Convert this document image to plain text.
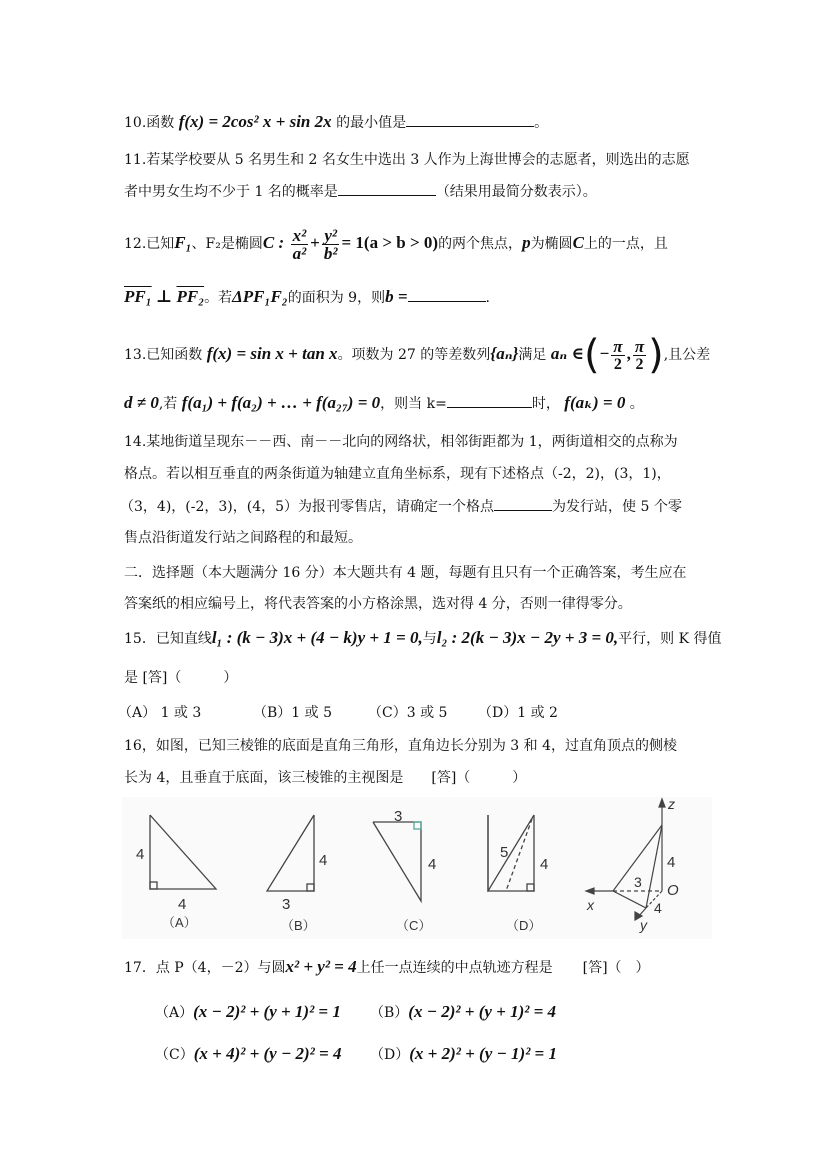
10.函数 f(x) = 2cos² x + sin 2x 的最小值是	。
11.若某学校要从 5 名男生和 2 名女生中选出 3 人作为上海世博会的志愿者，则选出的志愿
者中男女生均不少于 1 名的概率是	（结果用最简分数表示）。
12.已知F₁、F₂是椭圆C : $\frac{\text{x²}}{\text{a²}} + \frac{\text{y²}}{\text{b²}} = 1(a > b > 0)$的两个焦点，p为椭圆C上的一点，且
PF₁ ⊥ PF₂。若ΔPF₁F₂的面积为 9，则b =	.
13.已知函数 f(x) = sin x + tan x。项数为 27 的等差数列{aₙ}满足 aₙ ∈(− $\frac{\pi}{2}$ , $\frac{\pi}{2}$ ),且公差
d ≠ 0,若 f(a₁) + f(a₂) + … + f(a₂₇) = 0，则当 k=	时， f(aₖ) = 0 。
14.某地街道呈现东－－西、南－－北向的网络状，相邻街距都为 1，两街道相交的点称为
格点。若以相互垂直的两条街道为轴建立直角坐标系，现有下述格点（-2，2)，(3，1)，
（3，4)，(-2，3)，(4，5）为报刊零售店，请确定一个格点	为发行站，使 5 个零
售点沿街道发行站之间路程的和最短。
二．选择题（本大题满分 16 分）本大题共有 4 题，每题有且只有一个正确答案，考生应在
答案纸的相应编号上，将代表答案的小方格涂黑，选对得 4 分，否则一律得零分。
15．已知直线l₁ : (k − 3)x + (4 − k)y + 1 = 0,与l₂ : 2(k − 3)x − 2y + 3 = 0,平行，则 K 得值
是 [答]（　　　）
（A） 1 或 3	（B）1 或 5	（C）3 或 5 （D）1 或 2
16，如图，已知三棱锥的底面是直角三角形，直角边长分别为 3 和 4，过直角顶点的侧棱
长为 4，且垂直于底面，该三棱锥的主视图是　　[答]（　　　）
4
4
（A）
4
3
（B）
3
4
（C）
5
4
（D）
z
x
y
O
4
3
4
17．点 P（4，－2）与圆x² + y² = 4上任一点连续的中点轨迹方程是 [答]（　）
（A）(x − 2)² + (y + 1)² = 1 （B）(x − 2)² + (y + 1)² = 4
（C）(x + 4)² + (y − 2)² = 4 （D）(x + 2)² + (y − 1)² = 1
